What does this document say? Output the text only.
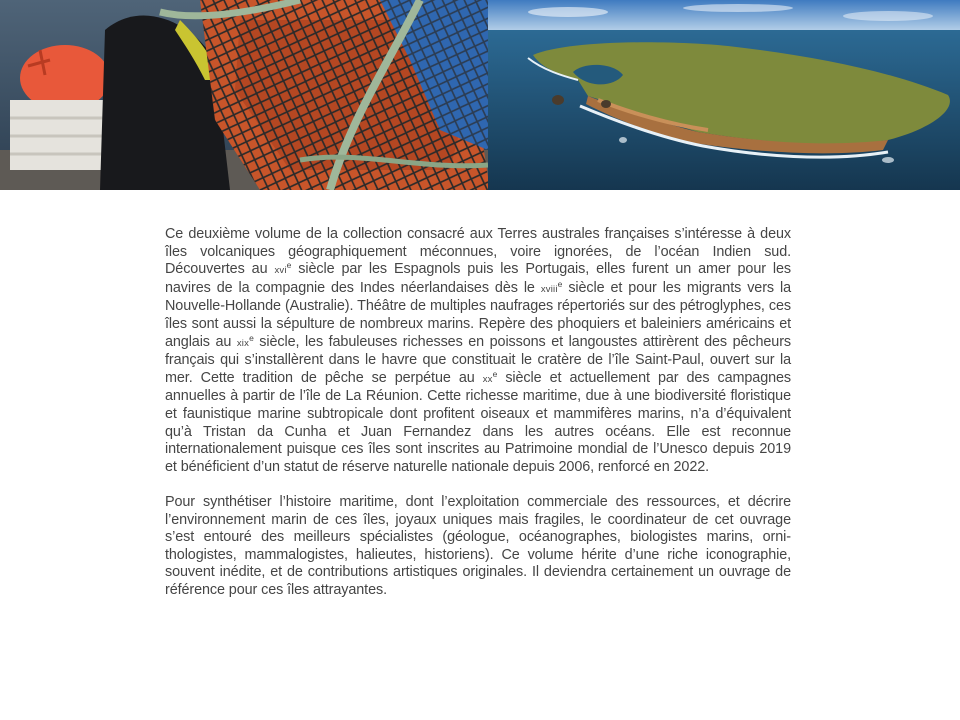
Ce deuxième volume de la collection consacré aux Terres australes françaises s’intéresse à deux îles volcaniques géographiquement méconnues, voire ignorées, de l’océan Indien sud. Découvertes au xvi$^e$ siècle par les Espagnols puis les Portugais, elles furent un amer pour les navires de la compagnie des Indes néerlandaises dès le xviii$^e$ siècle et pour les migrants vers la Nouvelle-Hollande (Australie). Théâtre de multiples naufrages répertoriés sur des pétroglyphes, ces îles sont aussi la sépulture de nombreux marins. Repère des phoquiers et baleiniers américains et anglais au xix$^e$ siècle, les fabuleuses richesses en poissons et langoustes attirèrent des pêcheurs français qui s’installèrent dans le havre que constituait le cratère de l’île Saint-Paul, ouvert sur la mer. Cette tradition de pêche se perpétue au $xx^e$ siècle et actuellement par des campagnes annuelles à partir de l’île de La Réunion. Cette richesse maritime, due à une biodiversité floristique et faunistique marine subtropicale dont profitent oiseaux et mammifères marins, n’a d’équivalent qu’à Tristan da Cunha et Juan Fernandez dans les autres océans. Elle est reconnue internationalement puisque ces îles sont inscrites au Patrimoine mondial de l’Unesco depuis 2019 et bénéficient d’un statut de réserve naturelle nationale depuis 2006, renforcé en 2022.

Pour synthétiser l’histoire maritime, dont l’exploitation commerciale des ressources, et décrire l’environnement marin de ces îles, joyaux uniques mais fragiles, le coordinateur de cet ouvrage s’est entouré des meilleurs spécialistes (géologue, océanographes, biologistes marins, ornithologistes, mammalogistes, halieutes, historiens). Ce volume hérite d’une riche iconographie, souvent inédite, et de contributions artistiques originales. Il deviendra certainement un ouvrage de référence pour ces îles attrayantes.
